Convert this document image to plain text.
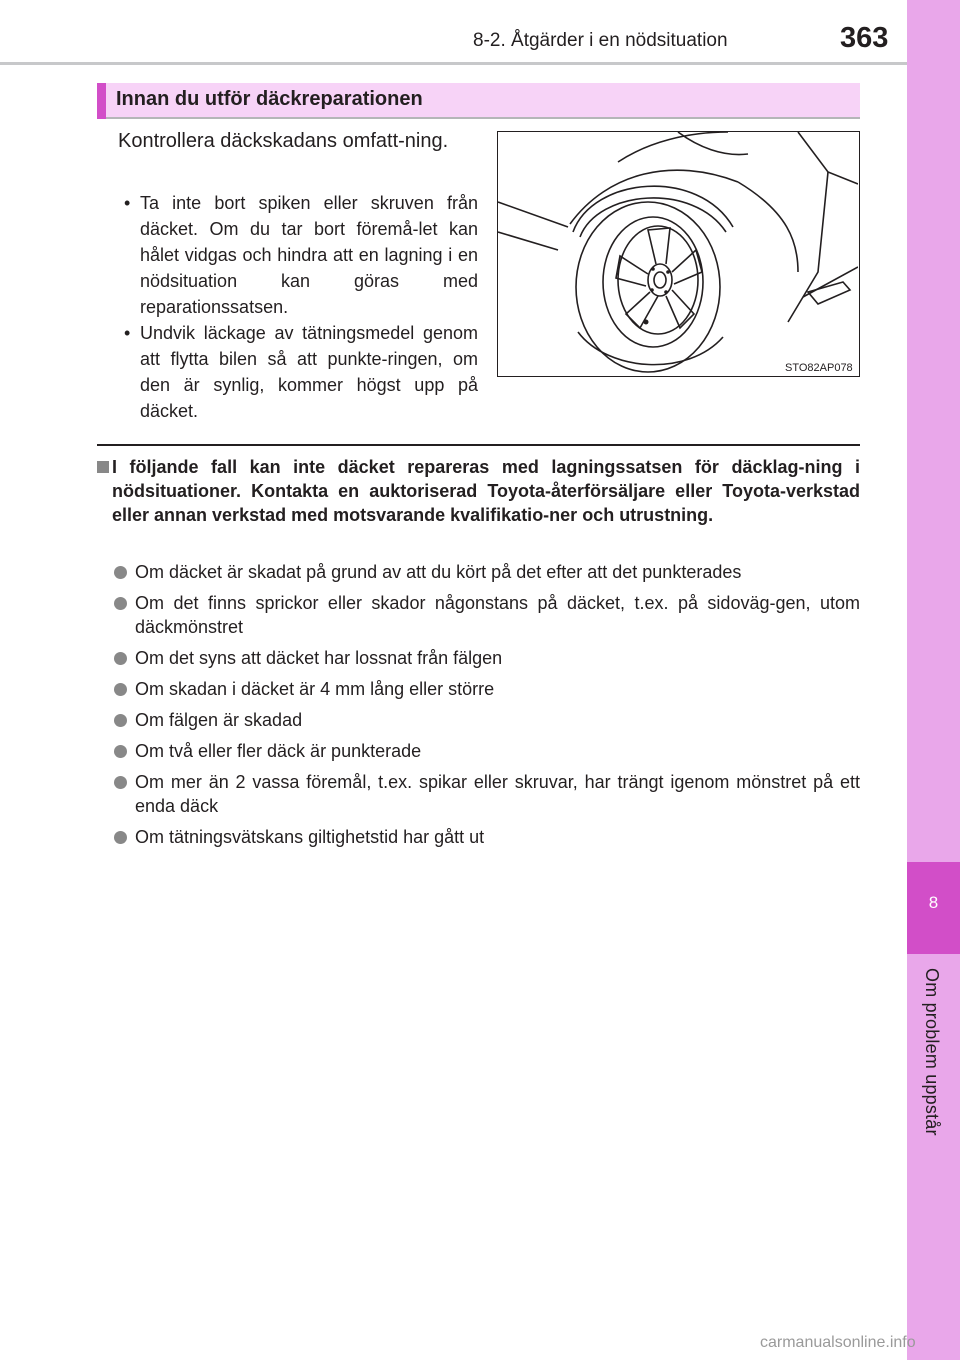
8
Om problem uppstår
8-2. Åtgärder i en nödsituation	363
Innan du utför däckreparationen
Kontrollera däckskadans omfatt-ning.
• Ta inte bort spiken eller skruven från däcket. Om du tar bort föremå-let kan hålet vidgas och hindra att en lagning i en nödsituation kan göras med reparationssatsen.
• Undvik läckage av tätningsmedel genom att flytta bilen så att punkte-ringen, om den är synlig, kommer högst upp på däcket.
STO82AP078
I följande fall kan inte däcket repareras med lagningssatsen för däcklag-ning i nödsituationer. Kontakta en auktoriserad Toyota-återförsäljare eller Toyota-verkstad eller annan verkstad med motsvarande kvalifikatio-ner och utrustning.
Om däcket är skadat på grund av att du kört på det efter att det punkterades
Om det finns sprickor eller skador någonstans på däcket, t.ex. på sidoväg-gen, utom däckmönstret
Om det syns att däcket har lossnat från fälgen
Om skadan i däcket är 4 mm lång eller större
Om fälgen är skadad
Om två eller fler däck är punkterade
Om mer än 2 vassa föremål, t.ex. spikar eller skruvar, har trängt igenom mönstret på ett enda däck
Om tätningsvätskans giltighetstid har gått ut
carmanualsonline.info
